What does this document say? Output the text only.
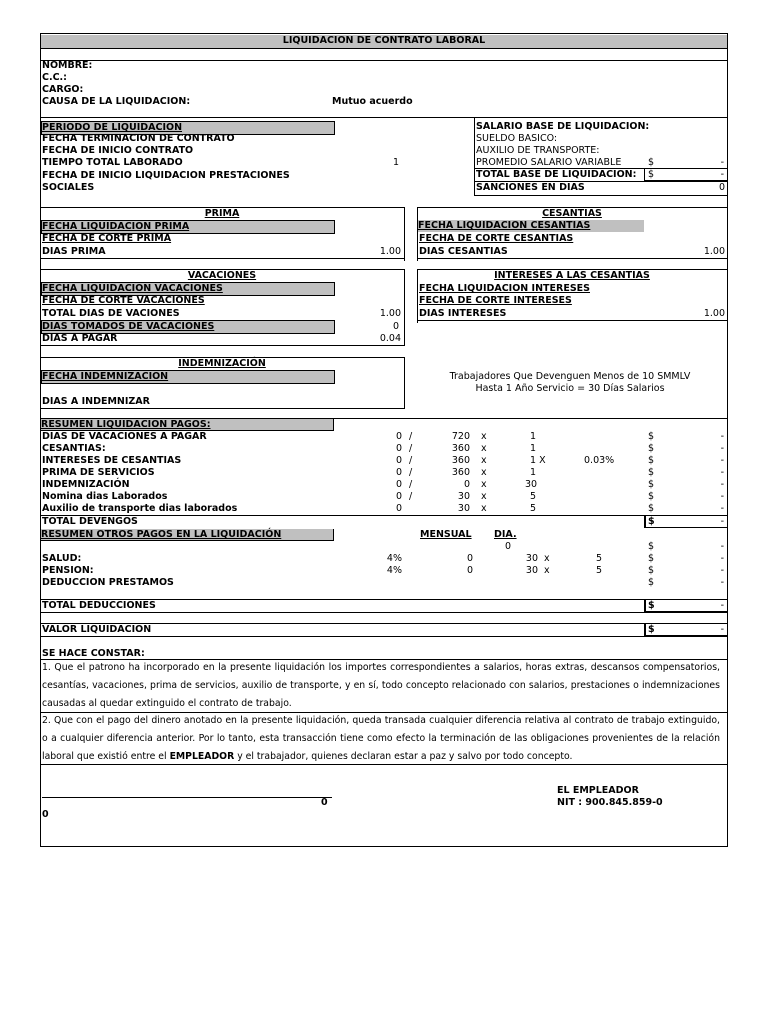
LIQUIDACION DE CONTRATO LABORAL
NOMBRE:
C.C.:
CARGO:
CAUSA DE LA LIQUIDACION:	Mutuo acuerdo
PERIODO DE LIQUIDACION
FECHA TERMINACION DE CONTRATO
FECHA DE INICIO CONTRATO
TIEMPO TOTAL LABORADO	1
FECHA DE INICIO LIQUIDACION PRESTACIONES
SOCIALES
SALARIO BASE DE LIQUIDACION:
SUELDO BASICO:
AUXILIO DE TRANSPORTE:
PROMEDIO SALARIO VARIABLE	$	-
TOTAL BASE DE LIQUIDACION: $	-
SANCIONES EN DIAS	0
PRIMA
FECHA LIQUIDACION PRIMA
FECHA DE CORTE PRIMA
DIAS PRIMA	1.00
CESANTIAS
FECHA LIQUIDACION CESANTIAS
FECHA DE CORTE CESANTIAS
DIAS CESANTIAS	1.00
VACACIONES
FECHA LIQUIDACION VACACIONES
FECHA DE CORTE VACACIONES
TOTAL DIAS DE VACIONES	1.00
DIAS TOMADOS DE VACACIONES	0
DIAS A PAGAR	0.04
INTERESES A LAS CESANTIAS
FECHA LIQUIDACION INTERESES
FECHA DE CORTE INTERESES
DIAS INTERESES	1.00
INDEMNIZACIÓN
FECHA INDEMNIZACION
DIAS A INDEMNIZAR
Trabajadores Que Devenguen Menos de 10 SMMLV
Hasta 1 Año Servicio = 30 Días Salarios
RESUMEN LIQUIDACION PAGOS:
DIAS DE VACACIONES A PAGAR	0 /	720 x	1	$	-
CESANTIAS:	0 /	360 x	1	$	-
INTERESES DE CESANTIAS	0 /	360 x	1 X	0.03%	$	-
PRIMA DE SERVICIOS	0 /	360 x	1	$	-
INDEMNIZACIÓN	0 /	0 x	30	$	-
Nomina dias Laborados	0 /	30 x	5	$	-
Auxilio de transporte dias laborados	0	30 x	5	$	-
TOTAL DEVENGOS	$	-
RESUMEN OTROS PAGOS EN LA LIQUIDACIÓN	MENSUAL DIA.
0	$	-
SALUD:	4%	0	30 x	5	$	-
PENSION:	4%	0	30 x	5	$	-
DEDUCCION PRESTAMOS	$	-
TOTAL DEDUCCIONES	$	-
VALOR LIQUIDACION	$	-
SE HACE CONSTAR:
1. Que el patrono ha incorporado en la presente liquidación los importes correspondientes a salarios, horas extras, descansos compensatorios, cesantías, vacaciones, prima de servicios, auxilio de transporte, y en sí, todo concepto relacionado con salarios, prestaciones o indemnizaciones causadas al quedar extinguido el contrato de trabajo.
2. Que con el pago del dinero anotado en la presente liquidación, queda transada cualquier diferencia relativa al contrato de trabajo extinguido, o a cualquier diferencia anterior. Por lo tanto, esta transacción tiene como efecto la terminación de las obligaciones provenientes de la relación laboral que existió entre el EMPLEADOR y el trabajador, quienes declaran estar a paz y salvo por todo concepto.
0
0
EL EMPLEADOR
NIT : 900.845.859-0
